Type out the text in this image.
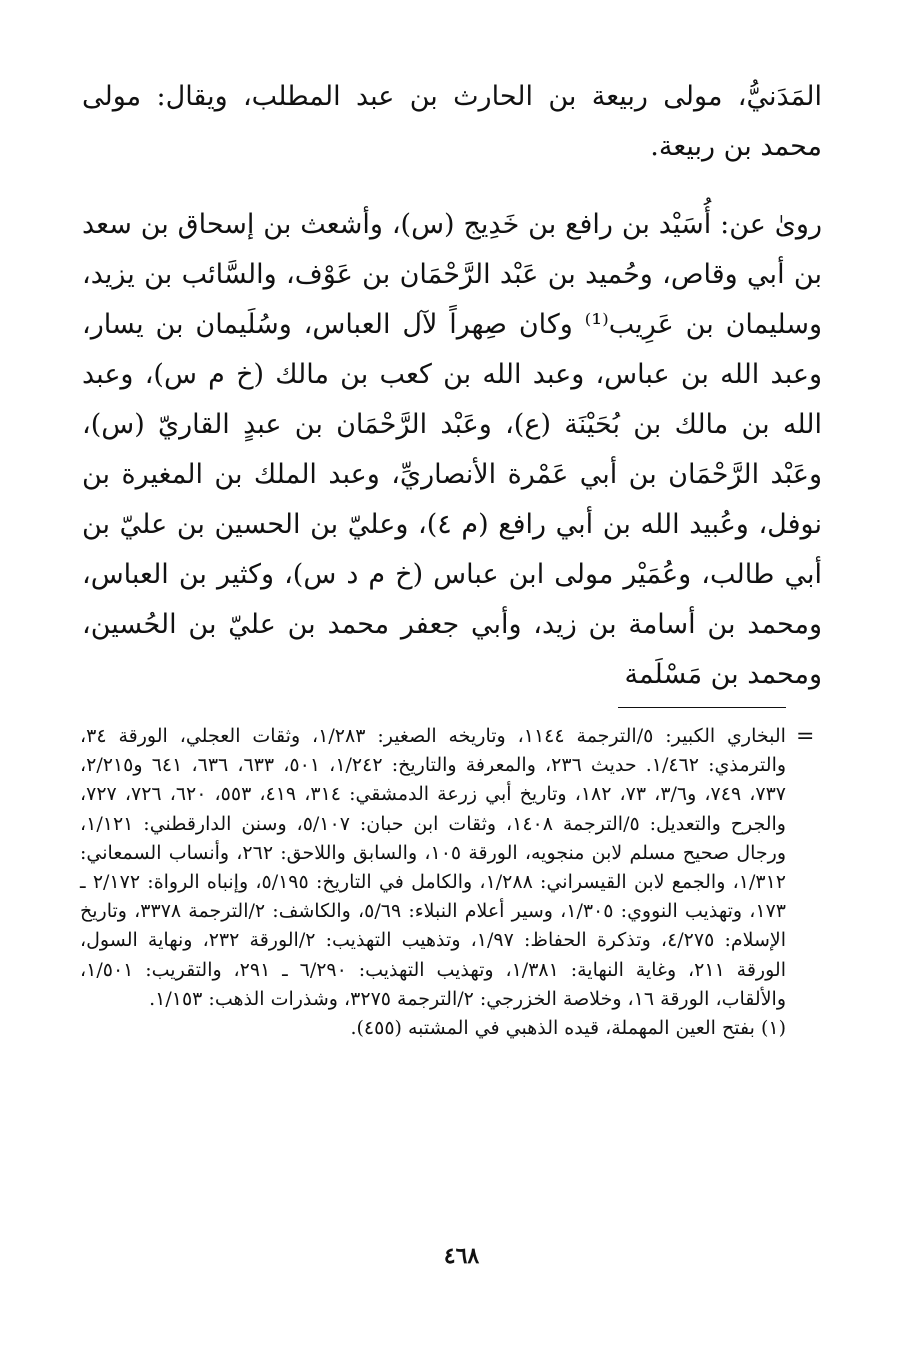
المَدَنيُّ، مولى ربيعة بن الحارث بن عبد المطلب، ويقال: مولى محمد بن ربيعة.

روىٰ عن: أُسَيْد بن رافع بن خَدِيج (س)، وأشعث بن إسحاق بن سعد بن أبي وقاص، وحُميد بن عَبْد الرَّحْمَان بن عَوْف، والسَّائب بن يزيد، وسليمان بن عَرِيب⁽¹⁾ وكان صِهراً لآل العباس، وسُلَيمان بن يسار، وعبد الله بن عباس، وعبد الله بن كعب بن مالك (خ م س)، وعبد الله بن مالك بن بُحَيْنَة (ع)، وعَبْد الرَّحْمَان بن عبدٍ القاريّ (س)، وعَبْد الرَّحْمَان بن أبي عَمْرة الأنصاريِّ، وعبد الملك بن المغيرة بن نوفل، وعُبيد الله بن أبي رافع (م ٤)، وعليّ بن الحسين بن عليّ بن أبي طالب، وعُمَيْر مولى ابن عباس (خ م د س)، وكثير بن العباس، ومحمد بن أسامة بن زيد، وأبي جعفر محمد بن عليّ بن الحُسين، ومحمد بن مَسْلَمة

=

البخاري الكبير: ٥/الترجمة ١١٤٤، وتاريخه الصغير: ١/٢٨٣، وثقات العجلي، الورقة ٣٤، والترمذي: ١/٤٦٢. حديث ٢٣٦، والمعرفة والتاريخ: ١/٢٤٢، ٥٠١، ٦٣٣، ٦٣٦، ٦٤١ و٢/٢١٥، ٧٣٧، ٧٤٩، و٣/٦، ٧٣، ١٨٢، وتاريخ أبي زرعة الدمشقي: ٣١٤، ٤١٩، ٥٥٣، ٦٢٠، ٧٢٦، ٧٢٧، والجرح والتعديل: ٥/الترجمة ١٤٠٨، وثقات ابن حبان: ٥/١٠٧، وسنن الدارقطني: ١/١٢١، ورجال صحيح مسلم لابن منجويه، الورقة ١٠٥، والسابق واللاحق: ٢٦٢، وأنساب السمعاني: ١/٣١٢، والجمع لابن القيسراني: ١/٢٨٨، والكامل في التاريخ: ٥/١٩٥، وإنباه الرواة: ٢/١٧٢ ـ ١٧٣، وتهذيب النووي: ١/٣٠٥، وسير أعلام النبلاء: ٥/٦٩، والكاشف: ٢/الترجمة ٣٣٧٨، وتاريخ الإسلام: ٤/٢٧٥، وتذكرة الحفاظ: ١/٩٧، وتذهيب التهذيب: ٢/الورقة ٢٣٢، ونهاية السول، الورقة ٢١١، وغاية النهاية: ١/٣٨١، وتهذيب التهذيب: ٦/٢٩٠ ـ ٢٩١، والتقريب: ١/٥٠١، والألقاب، الورقة ١٦، وخلاصة الخزرجي: ٢/الترجمة ٣٢٧٥، وشذرات الذهب: ١/١٥٣.

(١) بفتح العين المهملة، قيده الذهبي في المشتبه (٤٥٥).

٤٦٨
